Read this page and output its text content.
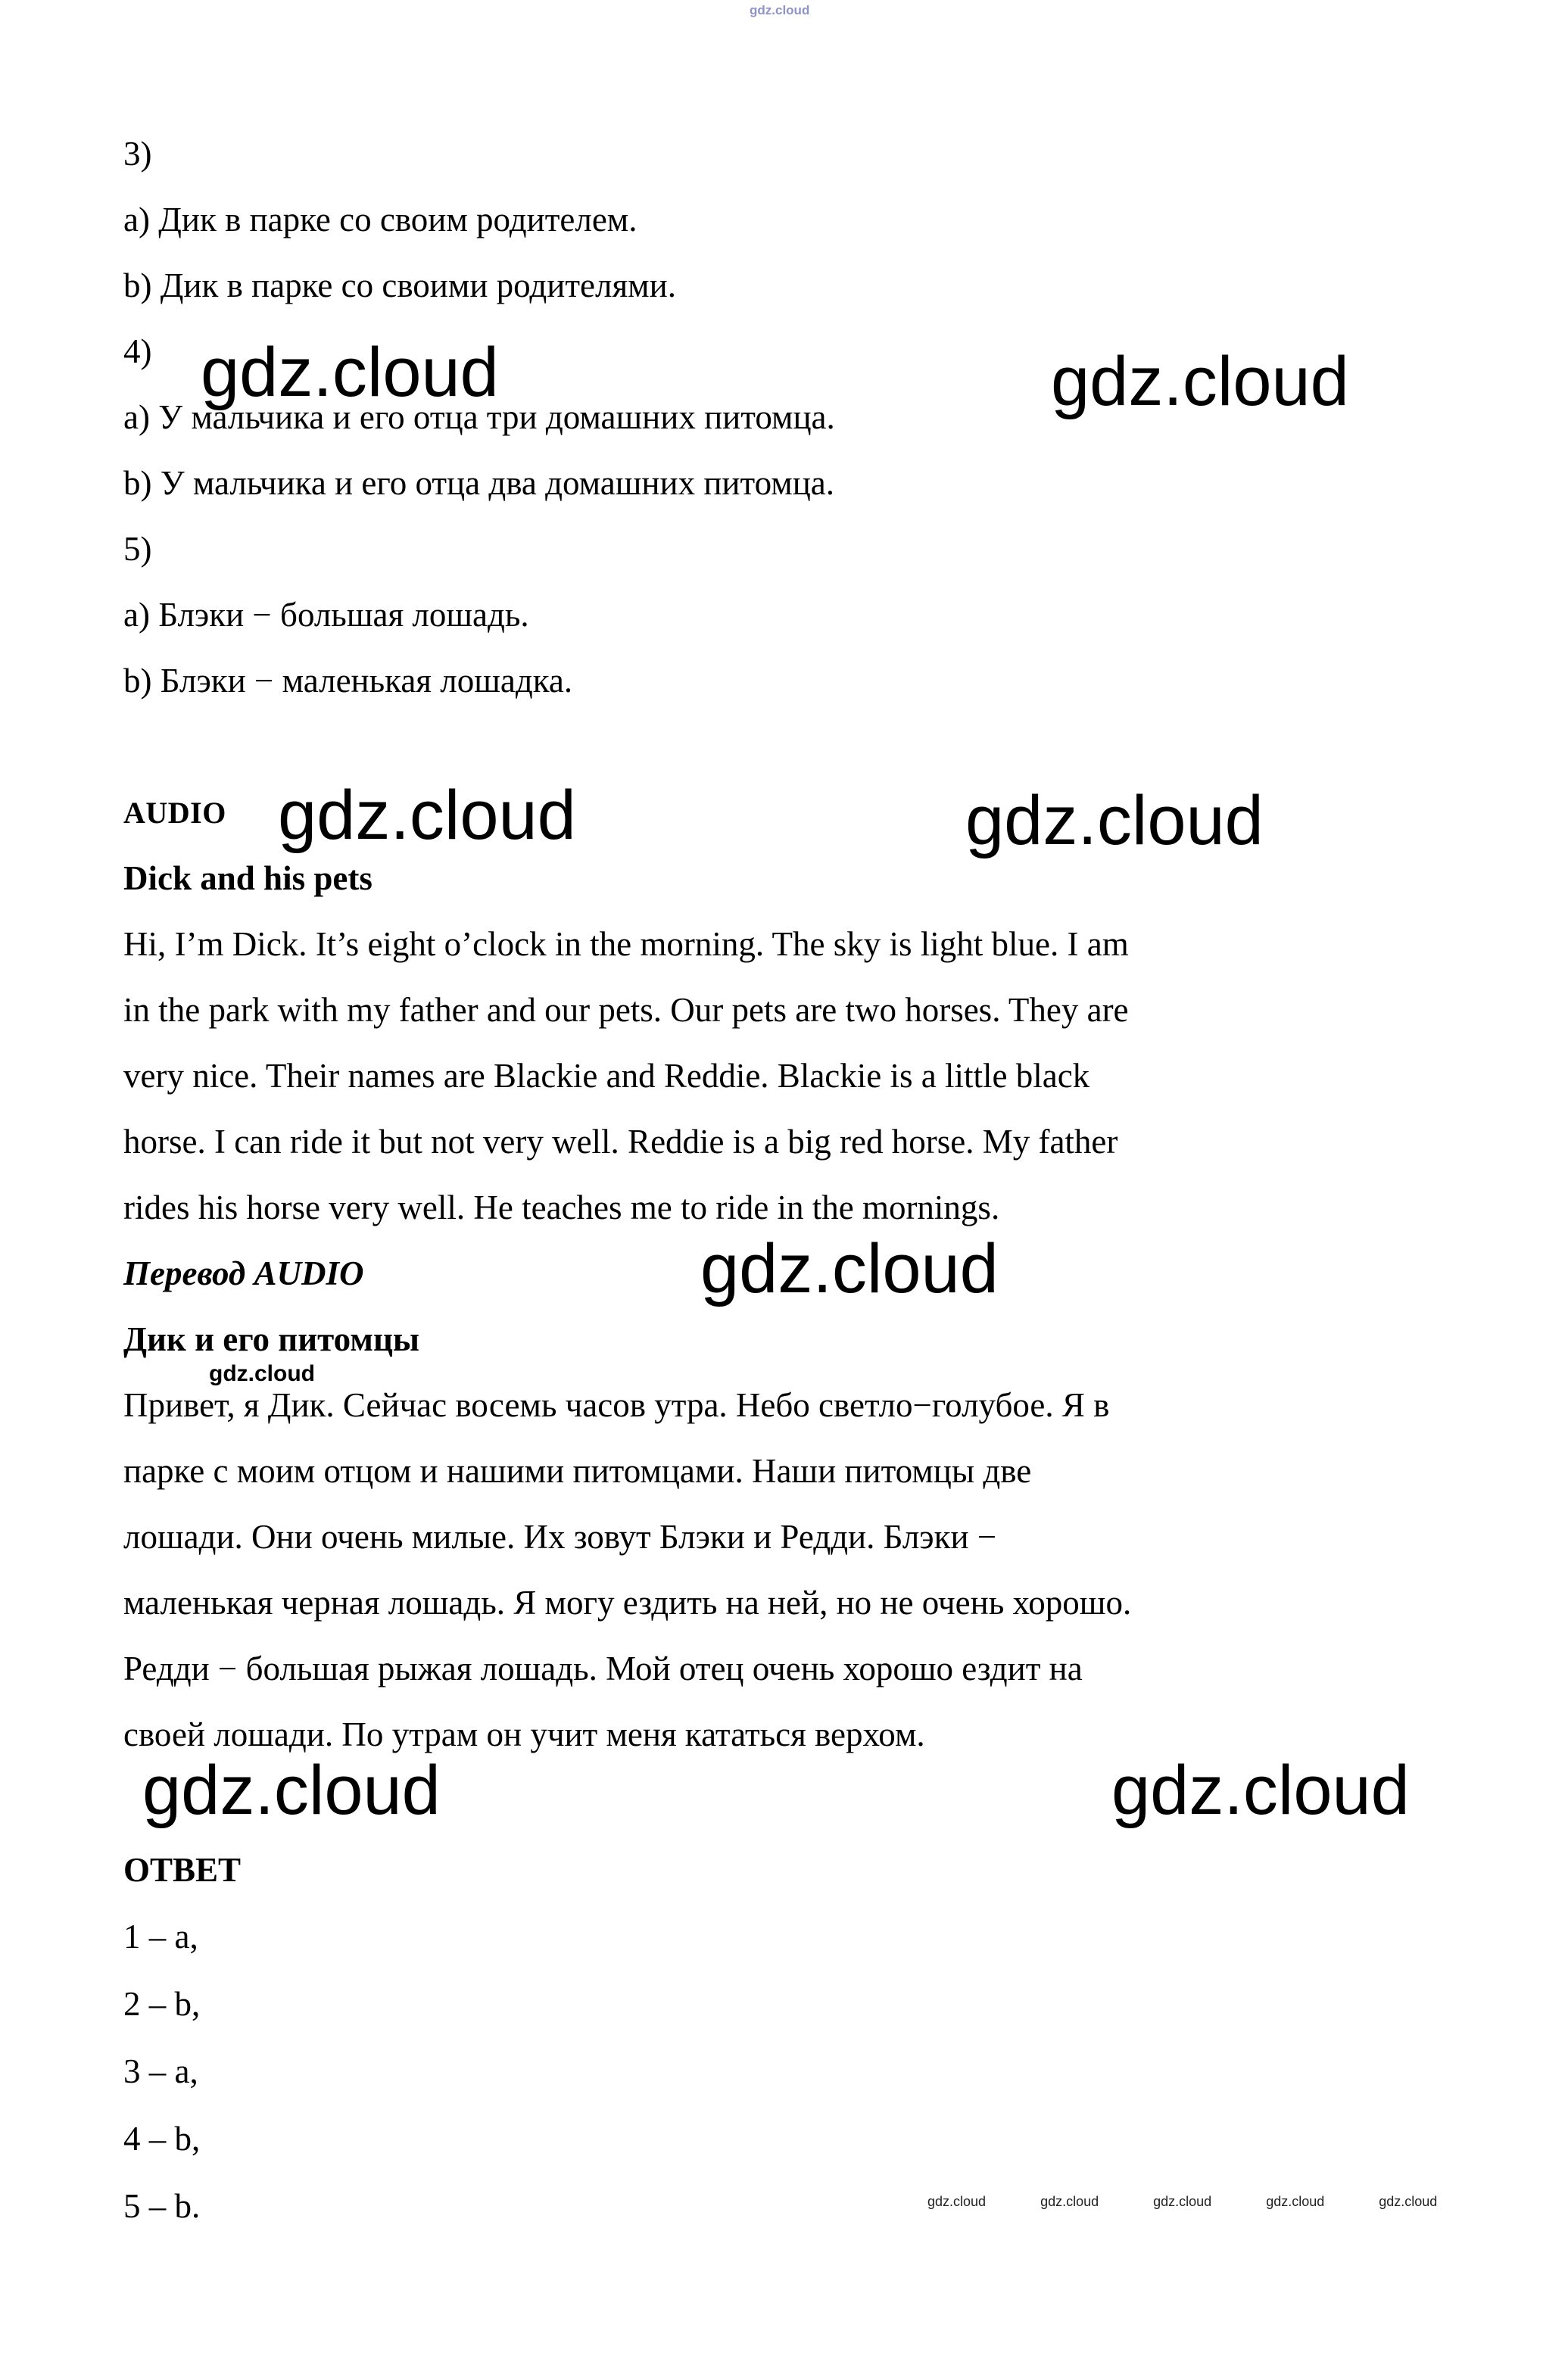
3)
a) Дик в парке со своим родителем.
b) Дик в парке со своими родителями.
4)
a) У мальчика и его отца три домашних питомца.
b) У мальчика и его отца два домашних питомца.
5)
a) Блэки − большая лошадь.
b) Блэки − маленькая лошадка.
AUDIO
Dick and his pets
Hi, I’m Dick. It’s eight o’clock in the morning. The sky is light blue. I am
in the park with my father and our pets. Our pets are two horses. They are
very nice. Their names are Blackie and Reddie. Blackie is a little black
horse. I can ride it but not very well. Reddie is a big red horse. My father
rides his horse very well. He teaches me to ride in the mornings.
Перевод AUDIO
Дик и его питомцы
Привет, я Дик. Сейчас восемь часов утра. Небо светло−голубое. Я в
парке с моим отцом и нашими питомцами. Наши питомцы две
лошади. Они очень милые. Их зовут Блэки и Редди. Блэки −
маленькая черная лошадь. Я могу ездить на ней, но не очень хорошо.
Редди − большая рыжая лошадь. Мой отец очень хорошо ездит на
своей лошади. По утрам он учит меня кататься верхом.
ОТВЕТ
1 – a,
2 – b,
3 – a,
4 – b,
5 – b.
gdz.cloud
gdz.cloud	gdz.cloud
gdz.cloud	gdz.cloud
gdz.cloud
gdz.cloud
gdz.cloud	gdz.cloud
gdz.cloud	gdz.cloud	gdz.cloud	gdz.cloud	gdz.cloud
